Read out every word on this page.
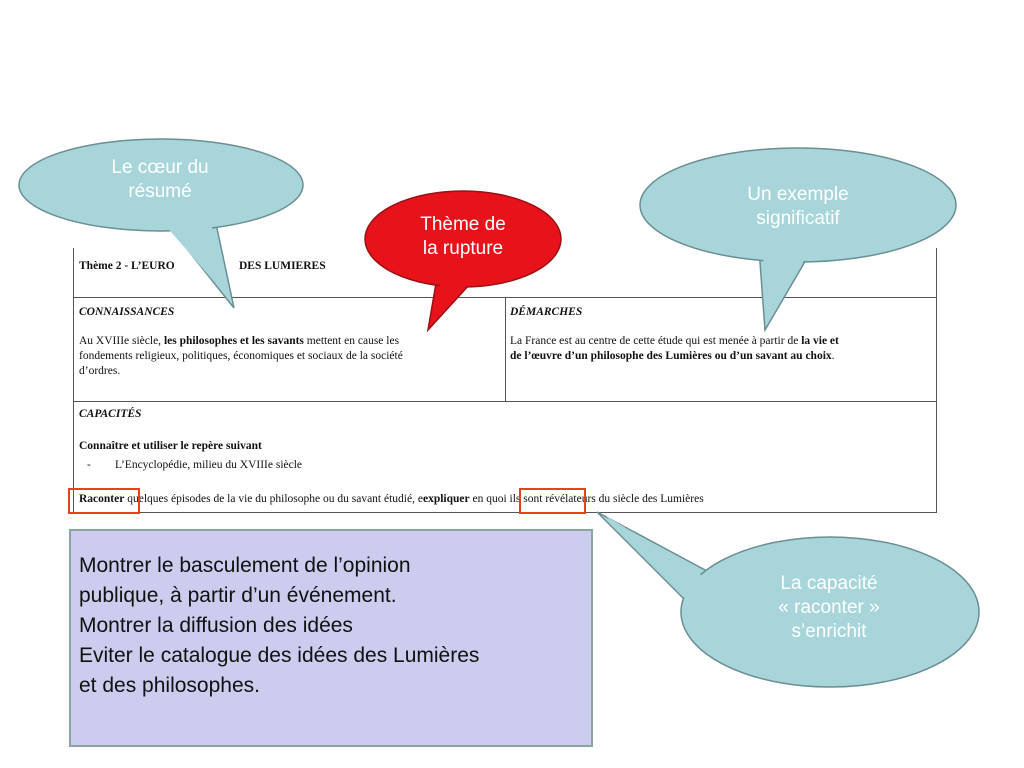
Thème 2 - L’EURO	DES LUMIERES
CONNAISSANCES
Au XVIIIe siècle, les philosophes et les savants mettent en cause les
fondements religieux, politiques, économiques et sociaux de la société
d’ordres.
DÉMARCHES
La France est au centre de cette étude qui est menée à partir de la vie et
de l’œuvre d’un philosophe des Lumières ou d’un savant au choix.
CAPACITÉS
Connaître et utiliser le repère suivant
- L’Encyclopédie, milieu du XVIIIe siècle
Raconter quelques épisodes de la vie du philosophe ou du savant étudié, eexpliquer en quoi ils sont révélateurs du siècle des Lumières
Le cœur du
résumé
Thème de
la rupture
Un exemple
significatif
La capacité
« raconter »
s’enrichit
Montrer le basculement de l’opinion
publique, à partir d’un événement.
Montrer la diffusion des idées
Eviter le catalogue des idées des Lumières
et des philosophes.
